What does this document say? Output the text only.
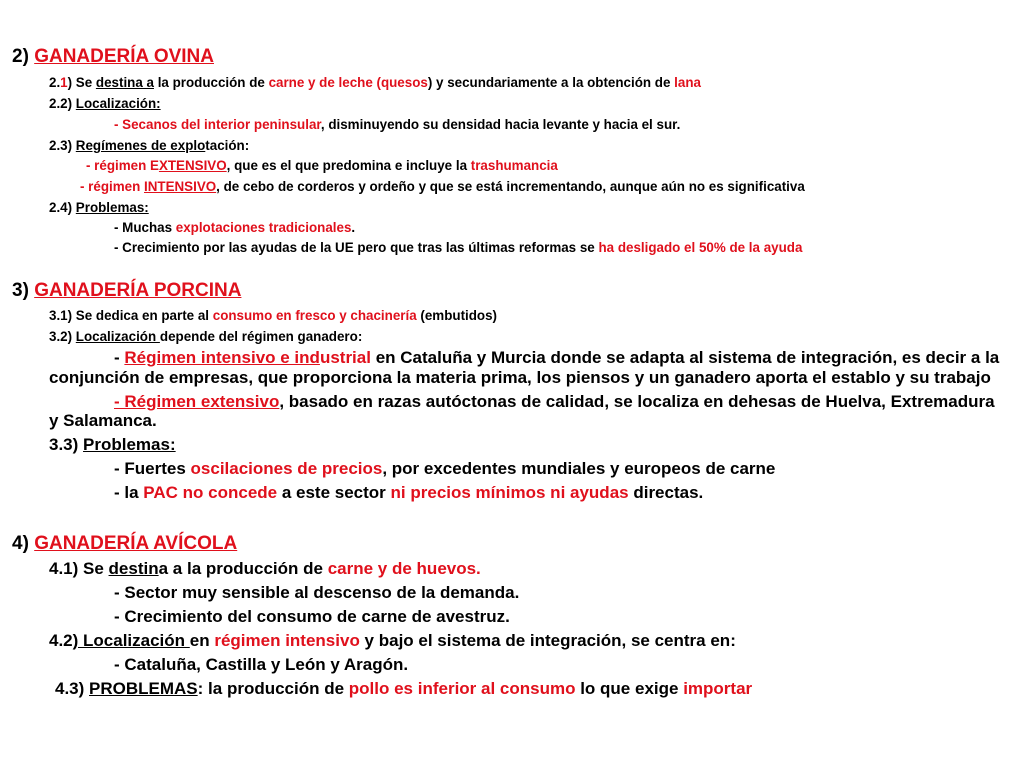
2) GANADERÍA OVINA
2.1) Se destina a la producción de carne y de leche (quesos) y secundariamente a la obtención de lana
2.2) Localización:
- Secanos del interior peninsular, disminuyendo su densidad hacia levante y hacia el sur.
2.3) Regímenes de explotación:
- régimen EXTENSIVO, que es el que predomina e incluye la trashumancia
- régimen INTENSIVO, de cebo de corderos y ordeño y que se está incrementando, aunque aún no es significativa
2.4) Problemas:
- Muchas explotaciones tradicionales.
- Crecimiento por las ayudas de la UE pero que tras las últimas reformas se ha desligado el 50% de la ayuda
3) GANADERÍA PORCINA
3.1) Se dedica en parte al consumo en fresco y chacinería (embutidos)
3.2) Localización depende del régimen ganadero:
- Régimen intensivo e industrial en Cataluña y Murcia donde se adapta al sistema de integración, es decir a la
conjunción de empresas, que proporciona la materia prima, los piensos y un ganadero aporta el establo y su trabajo
- Régimen extensivo, basado en razas autóctonas de calidad, se localiza en dehesas de Huelva, Extremadura
y Salamanca.
3.3) Problemas:
- Fuertes oscilaciones de precios, por excedentes mundiales y europeos de carne
- la PAC no concede a este sector ni precios mínimos ni ayudas directas.
4) GANADERÍA AVÍCOLA
4.1) Se destina a la producción de carne y de huevos.
- Sector muy sensible al descenso de la demanda.
- Crecimiento del consumo de carne de avestruz.
4.2) Localización en régimen intensivo y bajo el sistema de integración, se centra en:
- Cataluña, Castilla y León y Aragón.
4.3) PROBLEMAS: la producción de pollo es inferior al consumo lo que exige importar
